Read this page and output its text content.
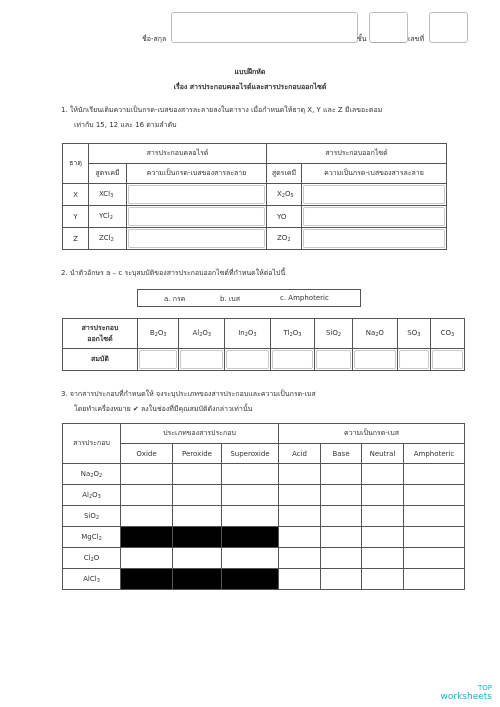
ชื่อ-สกุล	ชั้น	เลขที่
แบบฝึกหัด
เรื่อง สารประกอบคลอไรด์และสารประกอบออกไซด์
1. ให้นักเรียนเติมความเป็นกรด-เบสของสารละลายลงในตาราง เมื่อกำหนดให้ธาตุ X, Y และ Z มีเลขอะตอม
เท่ากับ 15, 12 และ 16 ตามลำดับ
ธาตุ	สารประกอบคลอไรด์		สารประกอบออกไซด์	
	สูตรเคมี	ความเป็นกรด-เบสของสารละลาย	สูตรเคมี	ความเป็นกรด-เบสของสารละลาย
X	XCl$_3$		$X_2O_5$	

Y	YCl$_2$		YO	

Z	ZCl$_2$		$ZO_2$	
2. นำตัวอักษร a – c ระบุสมบัติของสารประกอบออกไซด์ที่กำหนดให้ต่อไปนี้
a. กรด	b. เบส	c. Amphoteric
สารประกอบ
ออกไซด์	$B_2O_3$	$Al_2O_3$	$In_2O_3$	$Tl_2O_3$	SiO$_2$	$Na_2O$	$SO_3$	$CO_3$
สมบัติ	

3. จากสารประกอบที่กำหนดให้ จงระบุประเภทของสารประกอบและความเป็นกรด-เบส
โดยทำเครื่องหมาย ✔ ลงในช่องที่มีคุณสมบัติดังกล่าวเท่านั้น
สารประกอบ	ประเภทของสารประกอบ			ความเป็นกรด-เบส			
	Oxide	Peroxide	Superoxide	Acid	Base	Neutral	Amphoteric
$Na_2O_2$							
$Al_2O_3$							
SiO$_2$							
MgCl$_2$							
$Cl_2O$							
AlCl$_3$							
TOP
worksheets
